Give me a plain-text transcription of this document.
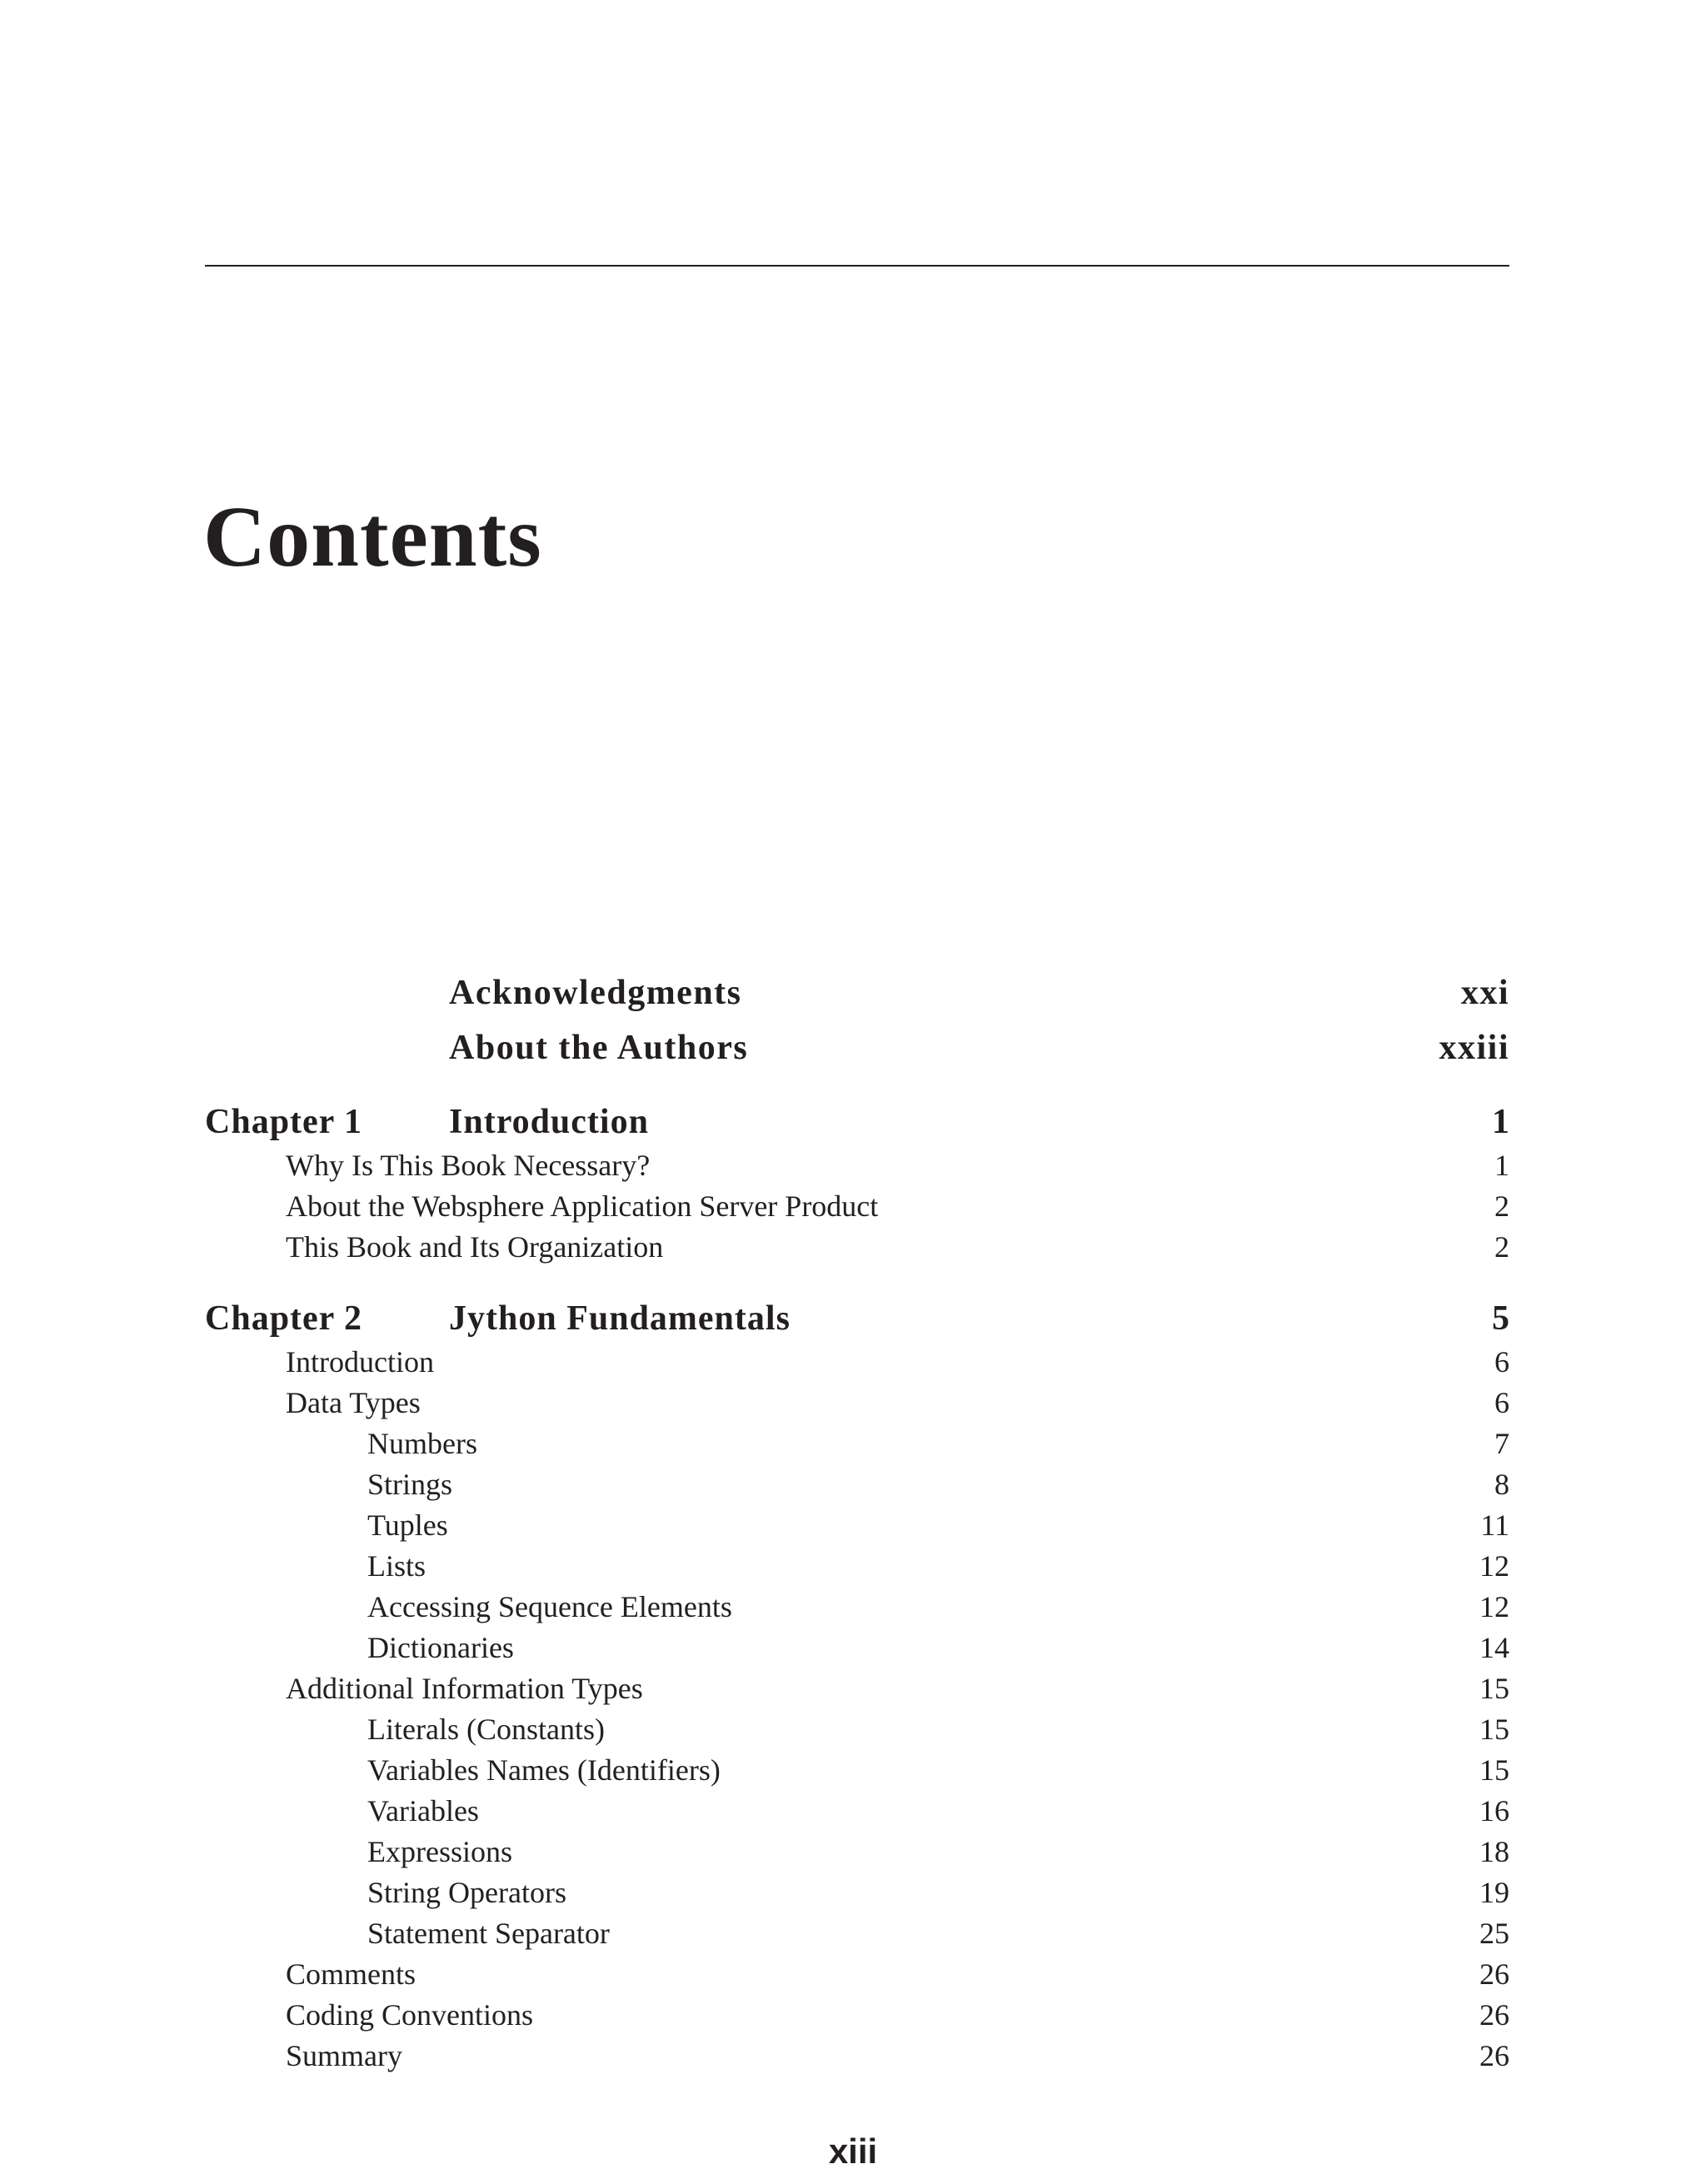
Contents
Acknowledgments	xxi
About the Authors	xxiii
Chapter 1 Introduction	1
Why Is This Book Necessary?	1
About the Websphere Application Server Product	2
This Book and Its Organization	2
Chapter 2 Jython Fundamentals	5
Introduction	6
Data Types	6
Numbers	7
Strings	8
Tuples	11
Lists	12
Accessing Sequence Elements	12
Dictionaries	14
Additional Information Types	15
Literals (Constants)	15
Variables Names (Identifiers)	15
Variables	16
Expressions	18
String Operators	19
Statement Separator	25
Comments	26
Coding Conventions	26
Summary	26
xiii
